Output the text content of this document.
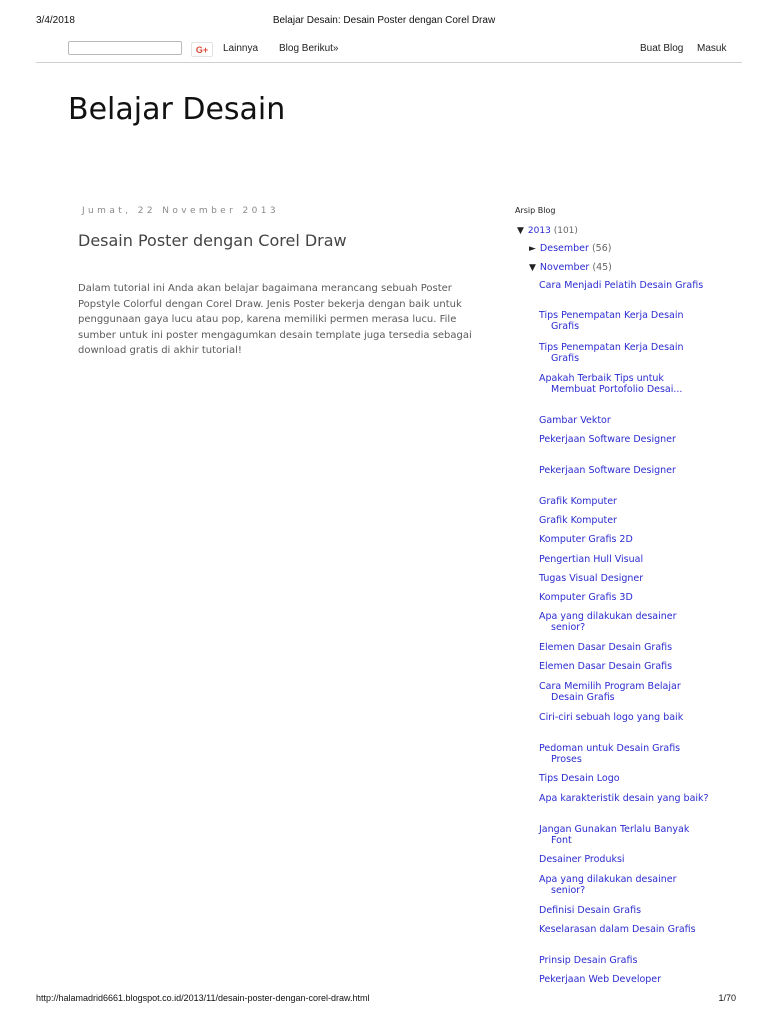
3/4/2018	Belajar Desain: Desain Poster dengan Corel Draw
G+	Lainnya Blog Berikut»	Buat Blog Masuk
Belajar Desain
Jumat, 22 November 2013
Desain Poster dengan Corel Draw

Dalam tutorial ini Anda akan belajar bagaimana merancang sebuah Poster Popstyle Colorful dengan Corel Draw. Jenis Poster bekerja dengan baik untuk penggunaan gaya lucu atau pop, karena memiliki permen merasa lucu. File sumber untuk ini poster mengagumkan desain template juga tersedia sebagai download gratis di akhir tutorial!

Arsip Blog
▼ 2013 (101)
► Desember (56)
▼ November (45)
Cara Menjadi Pelatih Desain Grafis
Tips Penempatan Kerja Desain Grafis
Tips Penempatan Kerja Desain Grafis
Apakah Terbaik Tips untuk Membuat Portofolio Desai...
Gambar Vektor
Pekerjaan Software Designer
Pekerjaan Software Designer
Grafik Komputer
Grafik Komputer
Komputer Grafis 2D
Pengertian Hull Visual
Tugas Visual Designer
Komputer Grafis 3D
Apa yang dilakukan desainer senior?
Elemen Dasar Desain Grafis
Elemen Dasar Desain Grafis
Cara Memilih Program Belajar Desain Grafis
Ciri-ciri sebuah logo yang baik
Pedoman untuk Desain Grafis Proses
Tips Desain Logo
Apa karakteristik desain yang baik?
Jangan Gunakan Terlalu Banyak Font
Desainer Produksi
Apa yang dilakukan desainer senior?
Definisi Desain Grafis
Keselarasan dalam Desain Grafis
Prinsip Desain Grafis
Pekerjaan Web Developer
http://halamadrid6661.blogspot.co.id/2013/11/desain-poster-dengan-corel-draw.html	1/70
